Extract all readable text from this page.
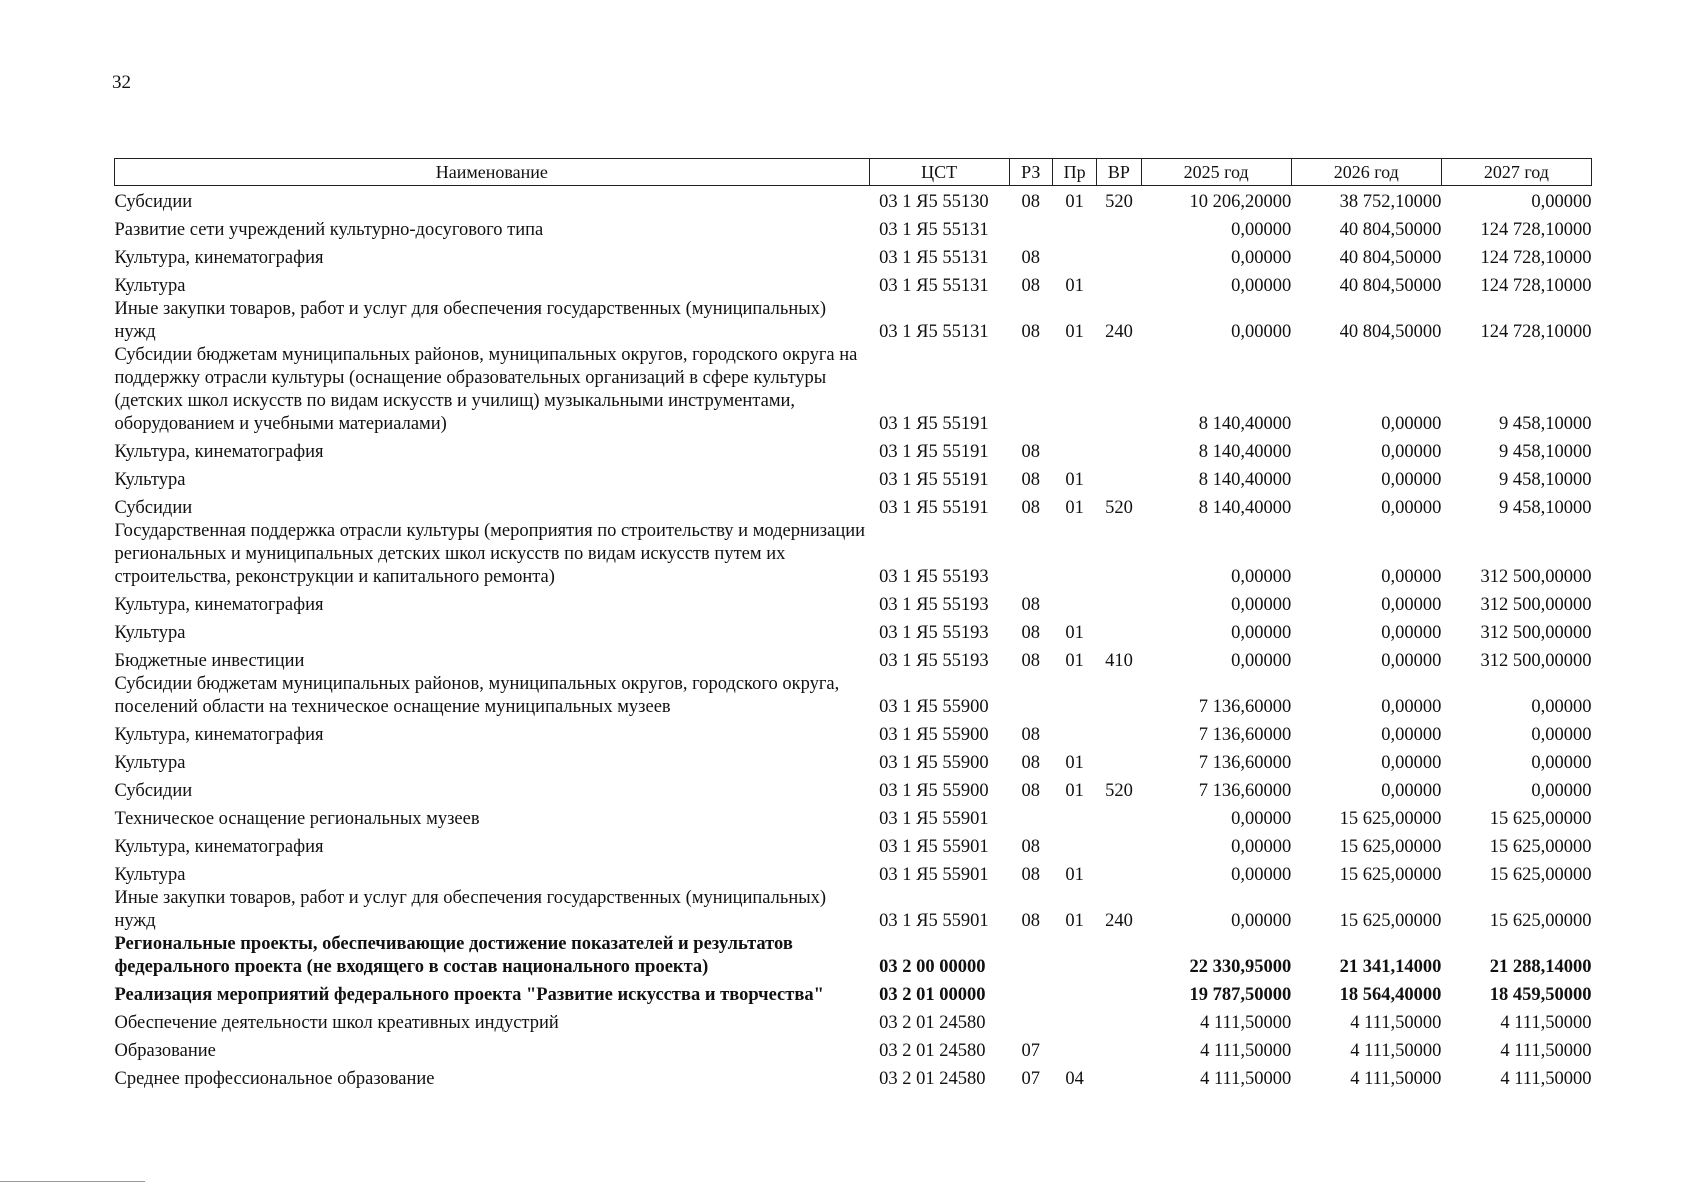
32
Наименование	ЦСТ	РЗ	Пр	ВР	2025 год	2026 год	2027 год
Субсидии	03 1 Я5 55130	08	01	520	10 206,20000	38 752,10000	0,00000
Развитие сети учреждений культурно-досугового типа	03 1 Я5 55131				0,00000	40 804,50000	124 728,10000
Культура, кинематография	03 1 Я5 55131	08			0,00000	40 804,50000	124 728,10000
Культура	03 1 Я5 55131	08	01		0,00000	40 804,50000	124 728,10000
Иные закупки товаров, работ и услуг для обеспечения государственных (муниципальных) нужд	03 1 Я5 55131	08	01	240	0,00000	40 804,50000	124 728,10000
Субсидии бюджетам муниципальных районов, муниципальных округов, городского округа на поддержку отрасли культуры (оснащение образовательных организаций в сфере культуры (детских школ искусств по видам искусств и училищ) музыкальными инструментами, оборудованием и учебными материалами)	03 1 Я5 55191				8 140,40000	0,00000	9 458,10000
Культура, кинематография	03 1 Я5 55191	08			8 140,40000	0,00000	9 458,10000
Культура	03 1 Я5 55191	08	01		8 140,40000	0,00000	9 458,10000
Субсидии	03 1 Я5 55191	08	01	520	8 140,40000	0,00000	9 458,10000
Государственная поддержка отрасли культуры (мероприятия по строительству и модернизации региональных и муниципальных детских школ искусств по видам искусств путем их строительства, реконструкции и капитального ремонта)	03 1 Я5 55193				0,00000	0,00000	312 500,00000
Культура, кинематография	03 1 Я5 55193	08			0,00000	0,00000	312 500,00000
Культура	03 1 Я5 55193	08	01		0,00000	0,00000	312 500,00000
Бюджетные инвестиции	03 1 Я5 55193	08	01	410	0,00000	0,00000	312 500,00000
Субсидии бюджетам муниципальных районов, муниципальных округов, городского округа, поселений области на техническое оснащение муниципальных музеев	03 1 Я5 55900				7 136,60000	0,00000	0,00000
Культура, кинематография	03 1 Я5 55900	08			7 136,60000	0,00000	0,00000
Культура	03 1 Я5 55900	08	01		7 136,60000	0,00000	0,00000
Субсидии	03 1 Я5 55900	08	01	520	7 136,60000	0,00000	0,00000
Техническое оснащение региональных музеев	03 1 Я5 55901				0,00000	15 625,00000	15 625,00000
Культура, кинематография	03 1 Я5 55901	08			0,00000	15 625,00000	15 625,00000
Культура	03 1 Я5 55901	08	01		0,00000	15 625,00000	15 625,00000
Иные закупки товаров, работ и услуг для обеспечения государственных (муниципальных) нужд	03 1 Я5 55901	08	01	240	0,00000	15 625,00000	15 625,00000
Региональные проекты, обеспечивающие достижение показателей и результатов федерального проекта (не входящего в состав национального проекта)	03 2 00 00000				22 330,95000	21 341,14000	21 288,14000
Реализация мероприятий федерального проекта "Развитие искусства и творчества"	03 2 01 00000				19 787,50000	18 564,40000	18 459,50000
Обеспечение деятельности школ креативных индустрий	03 2 01 24580				4 111,50000	4 111,50000	4 111,50000
Образование	03 2 01 24580	07			4 111,50000	4 111,50000	4 111,50000
Среднее профессиональное образование	03 2 01 24580	07	04		4 111,50000	4 111,50000	4 111,50000
